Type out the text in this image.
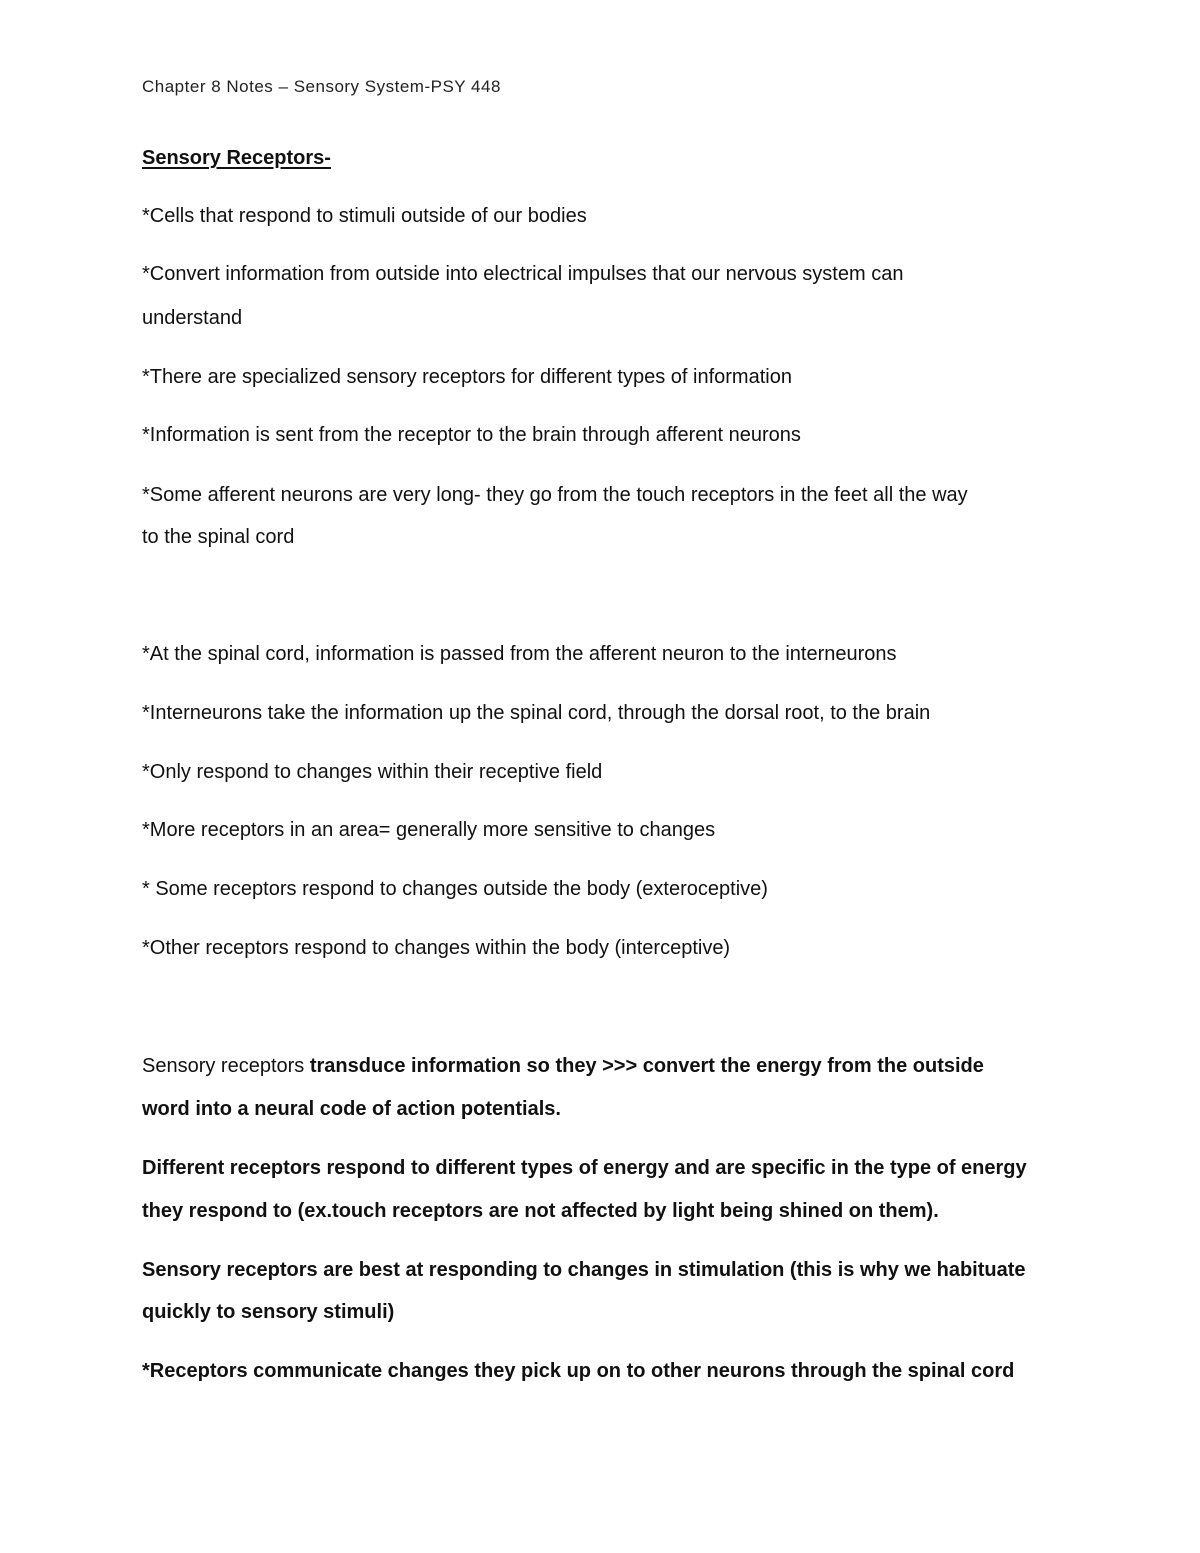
Chapter 8 Notes – Sensory System-PSY 448
Sensory Receptors-
*Cells that respond to stimuli outside of our bodies
*Convert information from outside into electrical impulses that our nervous system can
understand
*There are specialized sensory receptors for different types of information
*Information is sent from the receptor to the brain through afferent neurons
*Some afferent neurons are very long- they go from the touch receptors in the feet all the way
to the spinal cord
*At the spinal cord, information is passed from the afferent neuron to the interneurons
*Interneurons take the information up the spinal cord, through the dorsal root, to the brain
*Only respond to changes within their receptive field
*More receptors in an area= generally more sensitive to changes
* Some receptors respond to changes outside the body (exteroceptive)
*Other receptors respond to changes within the body (interceptive)
Sensory receptors transduce information so they >>> convert the energy from the outside
word into a neural code of action potentials.
Different receptors respond to different types of energy and are specific in the type of energy
they respond to (ex.touch receptors are not affected by light being shined on them).
Sensory receptors are best at responding to changes in stimulation (this is why we habituate
quickly to sensory stimuli)
*Receptors communicate changes they pick up on to other neurons through the spinal cord
